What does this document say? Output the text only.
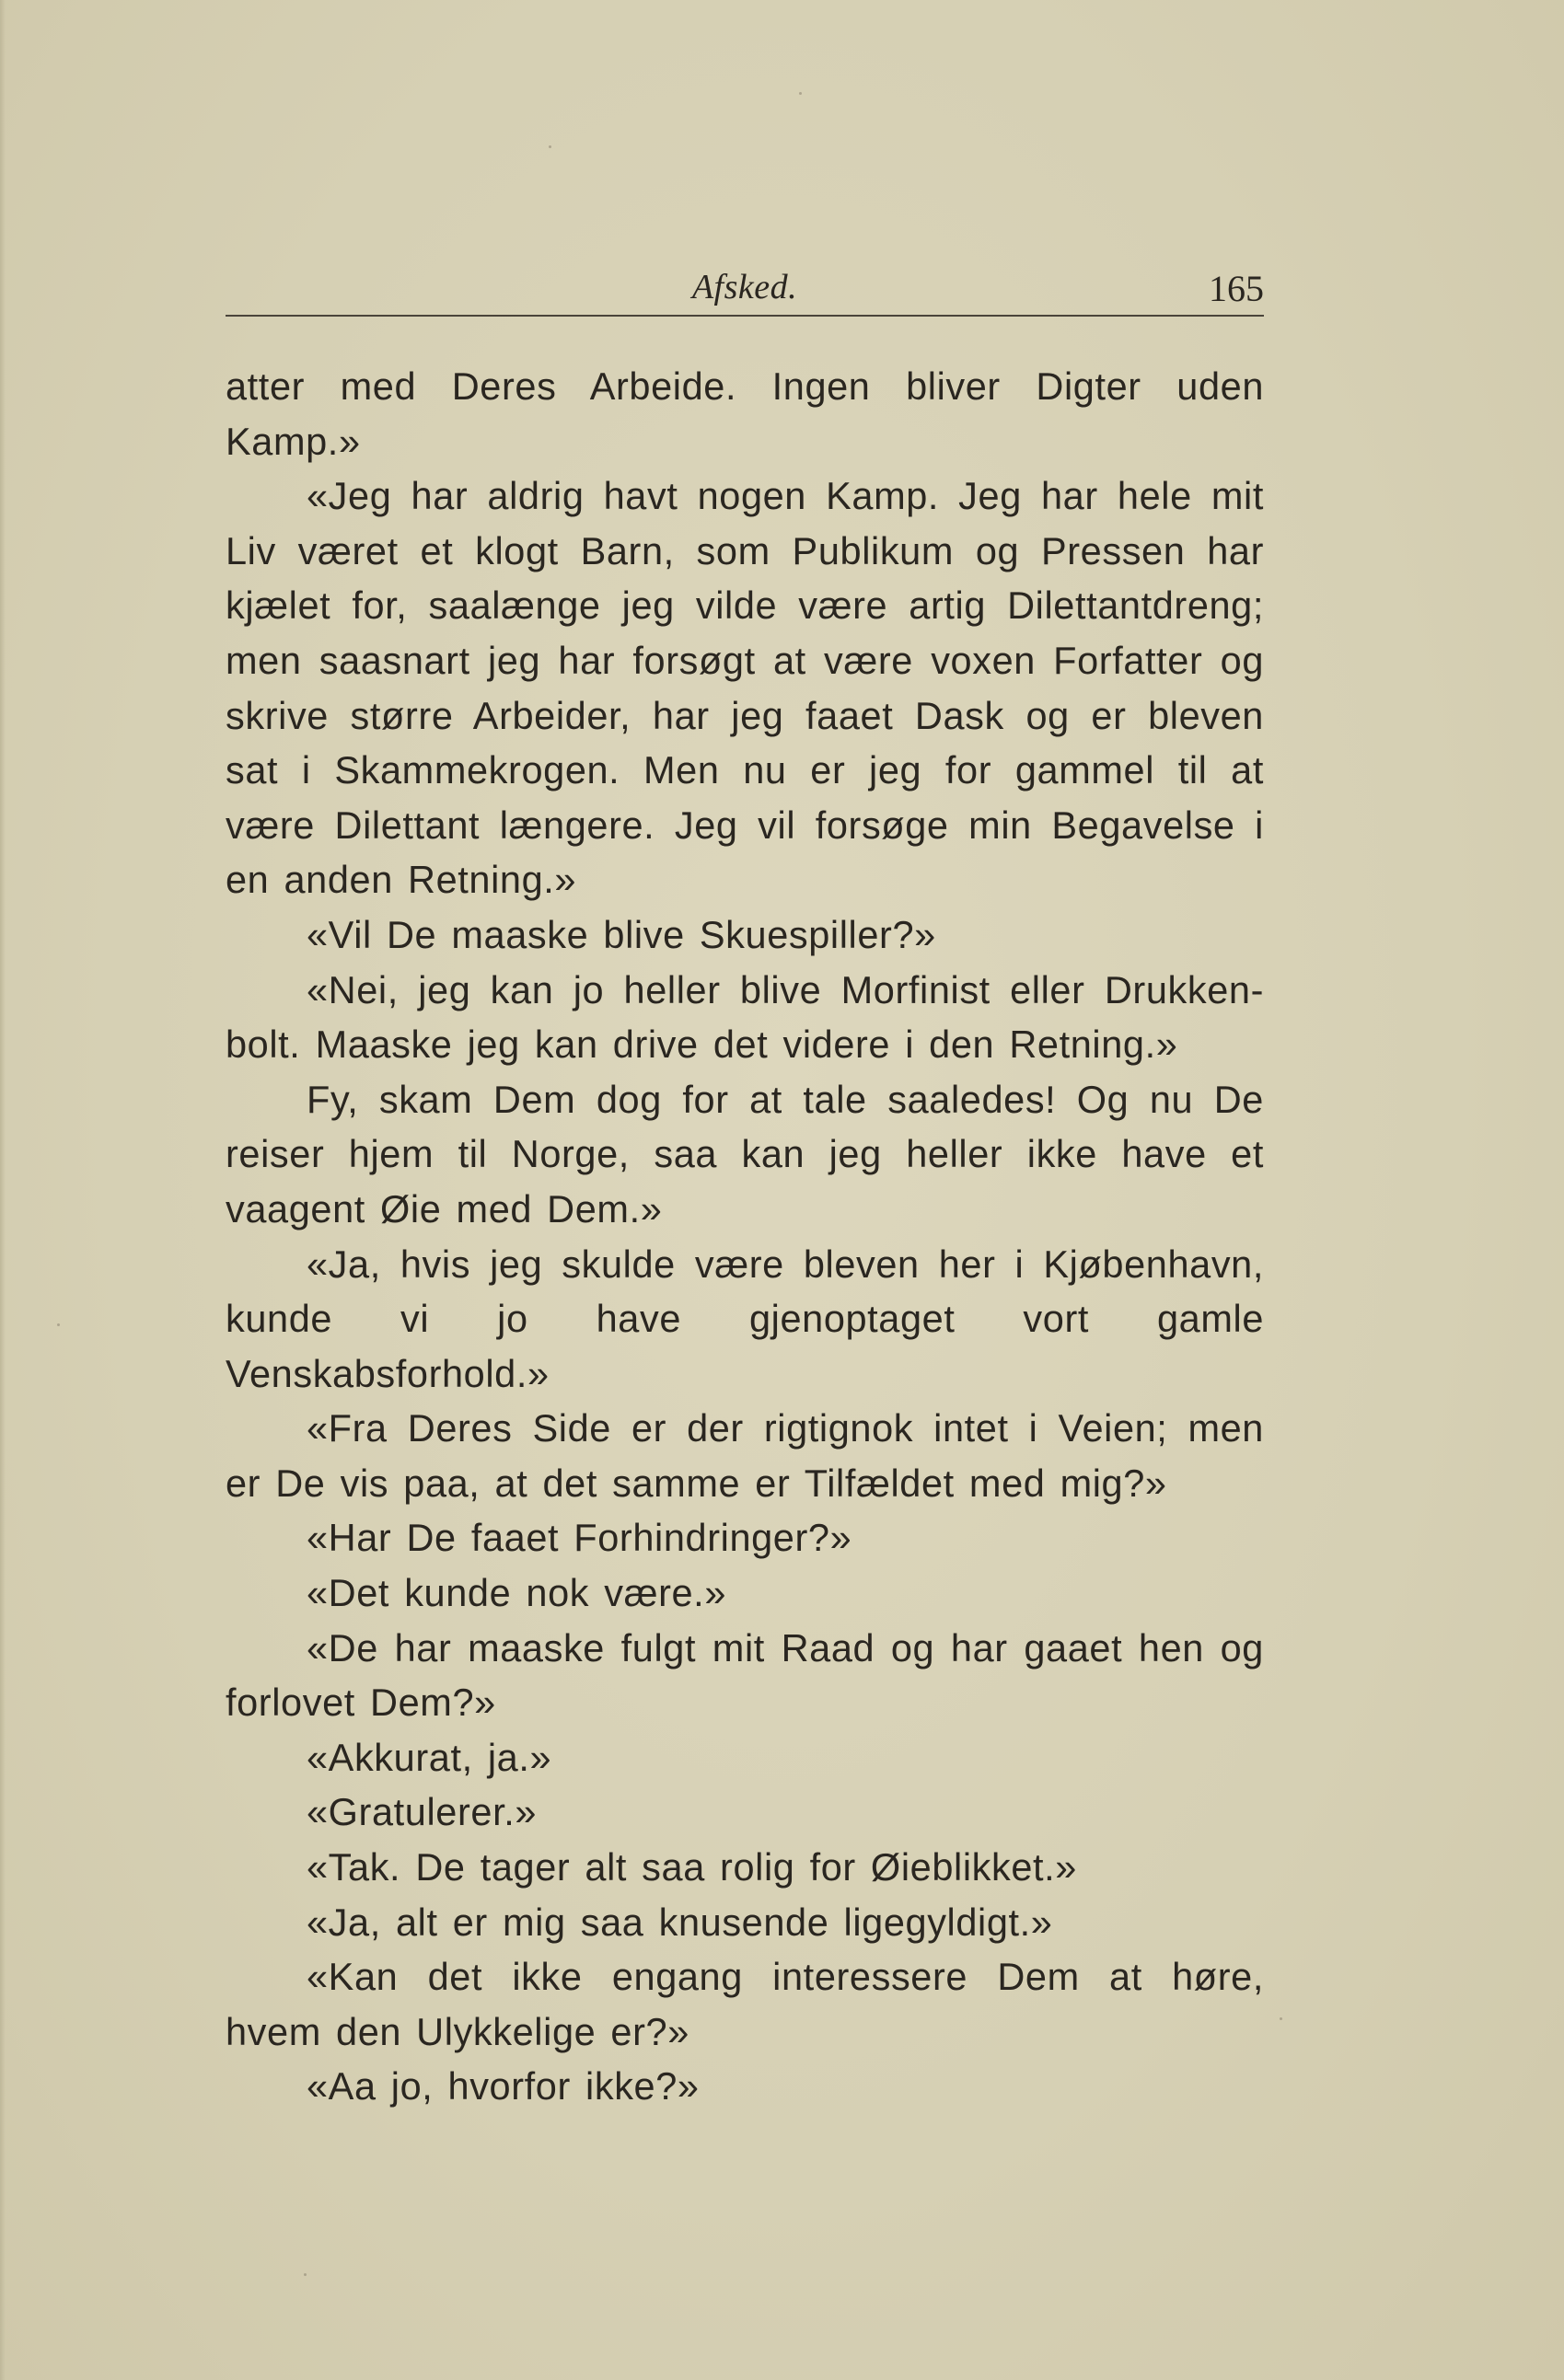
Afsked.	165

atter med Deres Arbeide. Ingen bliver Digter uden Kamp.»

«Jeg har aldrig havt nogen Kamp. Jeg har hele mit Liv været et klogt Barn, som Publikum og Pressen har kjælet for, saalænge jeg vilde være artig Dilettantdreng; men saasnart jeg har forsøgt at være voxen Forfatter og skrive større Arbeider, har jeg faaet Dask og er bleven sat i Skammekrogen. Men nu er jeg for gammel til at være Dilettant længere. Jeg vil forsøge min Begavelse i en anden Retning.»

«Vil De maaske blive Skuespiller?»

«Nei, jeg kan jo heller blive Morfinist eller Drukken-bolt. Maaske jeg kan drive det videre i den Retning.»

Fy, skam Dem dog for at tale saaledes! Og nu De reiser hjem til Norge, saa kan jeg heller ikke have et vaagent Øie med Dem.»

«Ja, hvis jeg skulde være bleven her i Kjøbenhavn, kunde vi jo have gjenoptaget vort gamle Venskabsforhold.»

«Fra Deres Side er der rigtignok intet i Veien; men er De vis paa, at det samme er Tilfældet med mig?»

«Har De faaet Forhindringer?»

«Det kunde nok være.»

«De har maaske fulgt mit Raad og har gaaet hen og forlovet Dem?»

«Akkurat, ja.»

«Gratulerer.»

«Tak. De tager alt saa rolig for Øieblikket.»

«Ja, alt er mig saa knusende ligegyldigt.»

«Kan det ikke engang interessere Dem at høre, hvem den Ulykkelige er?»

«Aa jo, hvorfor ikke?»
